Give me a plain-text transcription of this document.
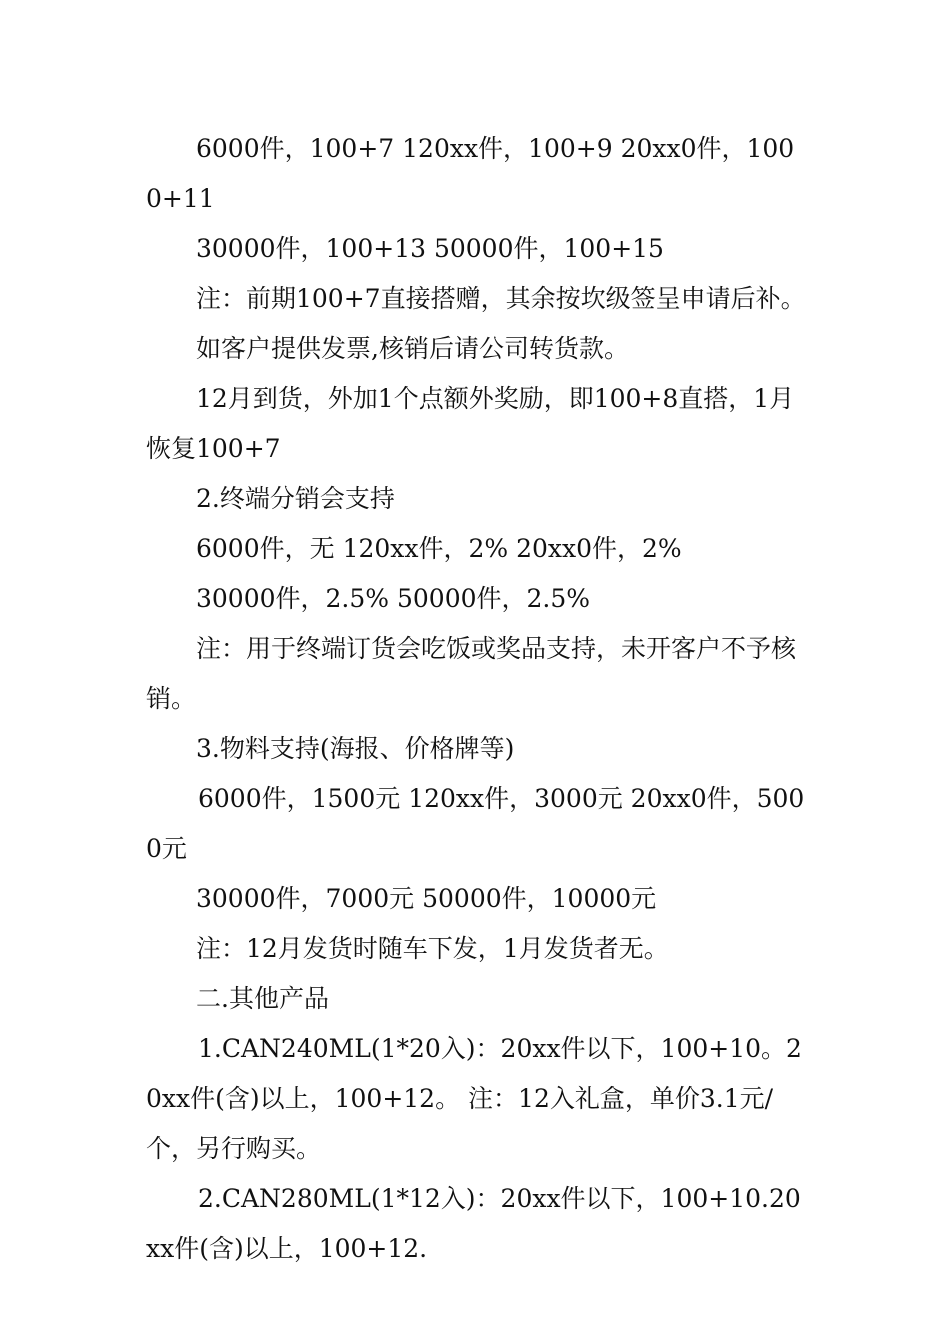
6000件，100+7 120xx件，100+9 20xx0件，1000+11

30000件，100+13 50000件，100+15

注：前期100+7直接搭赠，其余按坎级签呈申请后补。

如客户提供发票,核销后请公司转货款。

12月到货，外加1个点额外奖励，即100+8直搭，1月恢复100+7

2.终端分销会支持

6000件，无 120xx件，2% 20xx0件，2%

30000件，2.5% 50000件，2.5%

注：用于终端订货会吃饭或奖品支持，未开客户不予核销。

3.物料支持(海报、价格牌等)

6000件，1500元 120xx件，3000元 20xx0件，5000元

30000件，7000元 50000件，10000元

注：12月发货时随车下发，1月发货者无。

二.其他产品

1.CAN240ML(1*20入)：20xx件以下，100+10。20xx件(含)以上，100+12。 注：12入礼盒，单价3.1元/个，另行购买。

2.CAN280ML(1*12入)：20xx件以下，100+10.20xx件(含)以上，100+12.
